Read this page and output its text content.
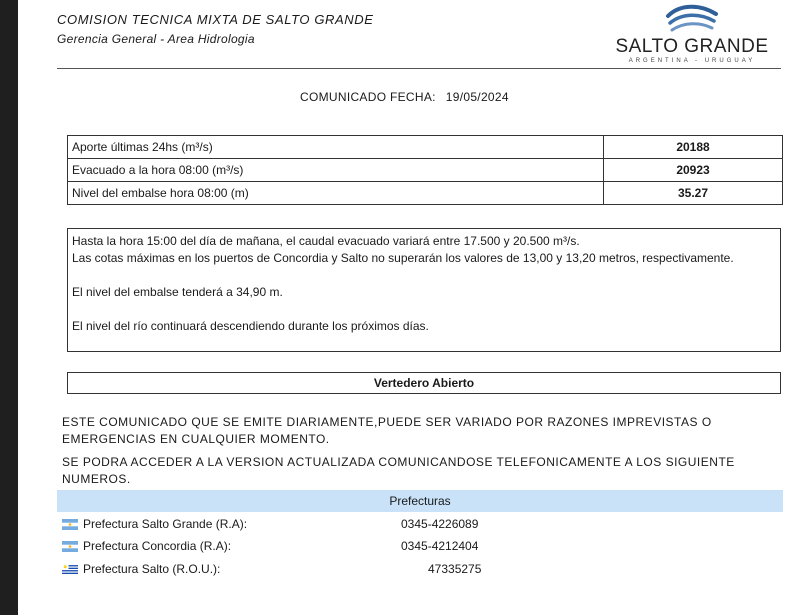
COMISION TECNICA MIXTA DE SALTO GRANDE
Gerencia General - Area Hidrologia	SALTO GRANDE
ARGENTINA - URUGUAY
COMUNICADO FECHA: 19/05/2024
Aporte últimas 24hs (m³/s)	20188
Evacuado a la hora 08:00 (m³/s)	20923
Nivel del embalse hora 08:00 (m)	35.27

Hasta la hora 15:00 del día de mañana, el caudal evacuado variará entre 17.500 y 20.500 m³/s.

Las cotas máximas en los puertos de Concordia y Salto no superarán los valores de 13,00 y 13,20 metros, respectivamente.

El nivel del embalse tenderá a 34,90 m.

El nivel del río continuará descendiendo durante los próximos días.

Vertedero Abierto
ESTE COMUNICADO QUE SE EMITE DIARIAMENTE,PUEDE SER VARIADO POR RAZONES IMPREVISTAS O EMERGENCIAS EN CUALQUIER MOMENTO.
SE PODRA ACCEDER A LA VERSION ACTUALIZADA COMUNICANDOSE TELEFONICAMENTE A LOS SIGUIENTE NUMEROS.
Prefecturas
Prefectura Salto Grande (R.A):	0345-4226089
Prefectura Concordia (R.A):	0345-4212404
Prefectura Salto (R.O.U.):	47335275
